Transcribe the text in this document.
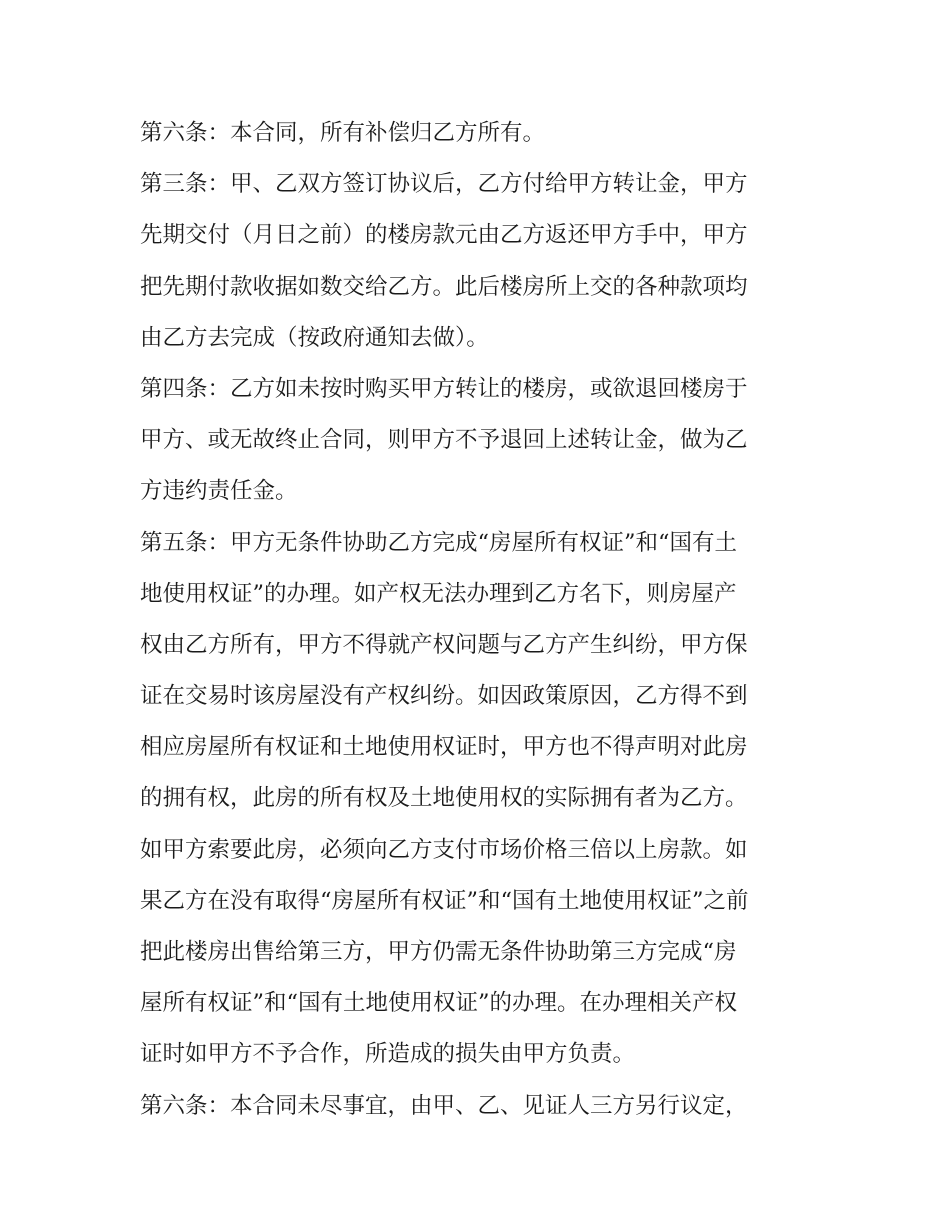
第六条：本合同，所有补偿归乙方所有。
第三条：甲、乙双方签订协议后，乙方付给甲方转让金，甲方
先期交付（月日之前）的楼房款元由乙方返还甲方手中，甲方
把先期付款收据如数交给乙方。此后楼房所上交的各种款项均
由乙方去完成（按政府通知去做）。
第四条：乙方如未按时购买甲方转让的楼房，或欲退回楼房于
甲方、或无故终止合同，则甲方不予退回上述转让金，做为乙
方违约责任金。
第五条：甲方无条件协助乙方完成“房屋所有权证”和“国有土
地使用权证”的办理。如产权无法办理到乙方名下，则房屋产
权由乙方所有，甲方不得就产权问题与乙方产生纠纷，甲方保
证在交易时该房屋没有产权纠纷。如因政策原因，乙方得不到
相应房屋所有权证和土地使用权证时，甲方也不得声明对此房
的拥有权，此房的所有权及土地使用权的实际拥有者为乙方。
如甲方索要此房，必须向乙方支付市场价格三倍以上房款。如
果乙方在没有取得“房屋所有权证”和“国有土地使用权证”之前
把此楼房出售给第三方，甲方仍需无条件协助第三方完成“房
屋所有权证”和“国有土地使用权证”的办理。在办理相关产权
证时如甲方不予合作，所造成的损失由甲方负责。
第六条：本合同未尽事宜，由甲、乙、见证人三方另行议定，
